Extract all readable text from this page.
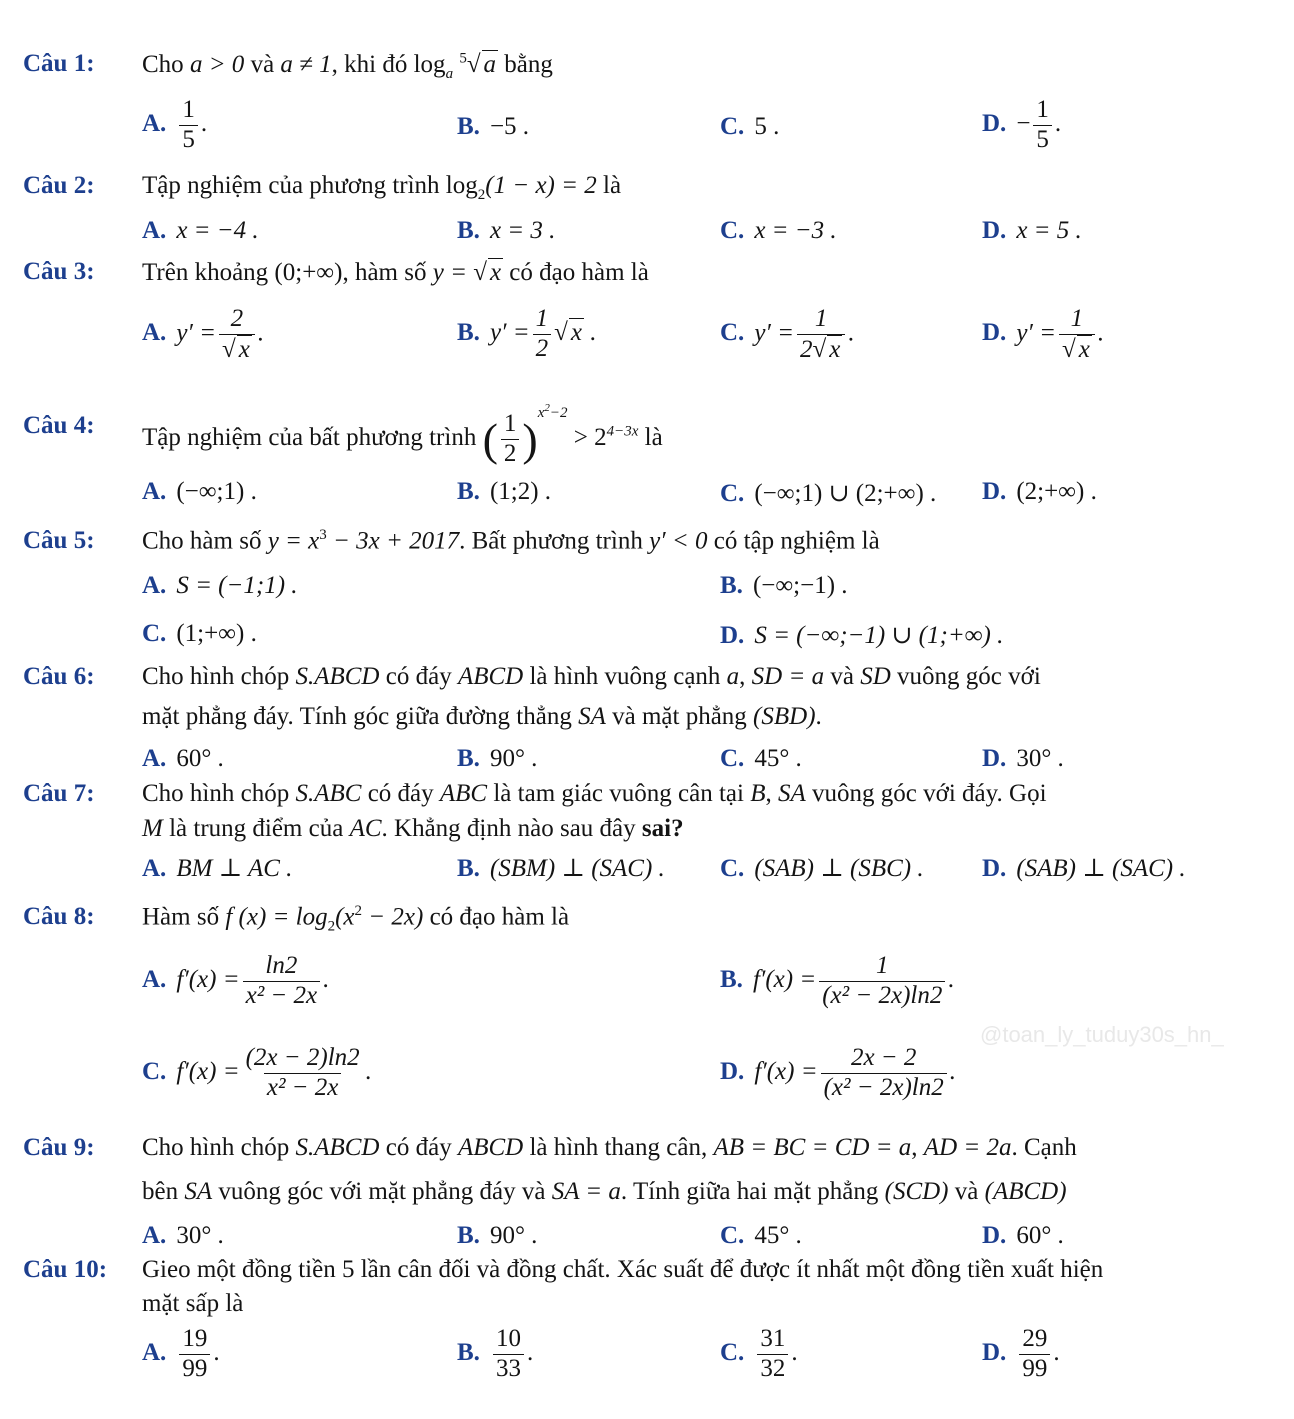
Câu 1: Cho a > 0 và a ≠ 1, khi đó $\log_a ^5√$ a bằng
A. $\frac{1}{5}$ .	B. −5 .	C. 5 .	D. − $\frac{1}{5}$ .
Câu 2: Tập nghiệm của phương trình $\log_2(1 - x) = 2$ là
A. x = −4 .	B. x = 3 .	C. x = −3 .	D. x = 5 .
Câu 3: Trên khoảng (0;+∞), hàm số y = √ x có đạo hàm là
A. $y' = \frac{2}{√ x}$ .	B. $y' = \frac{1}{2}$ √ x .	C. $y' = \frac{1}{2√ x}$ .	D. $y' = \frac{1}{√ x}$ .
Câu 4: Tập nghiệm của bất phương trình ( $\frac{1}{2} )^{x^2-2} > 2^{4-3x}$ là
A. (−∞;1) .	B. (1;2) .	C. (−∞;1) ∪ (2;+∞) . D. (2;+∞) .
Câu 5: Cho hàm số $y = x^3 - 3x + 2017$. Bất phương trình y′ < 0 có tập nghiệm là
A. S = (−1;1) .	B. (−∞;−1) .
C. (1;+∞) .	D. S = (−∞;−1) ∪ (1;+∞) .
Câu 6: Cho hình chóp S.ABCD có đáy ABCD là hình vuông cạnh a, SD = a và SD vuông góc với
mặt phẳng đáy. Tính góc giữa đường thẳng SA và mặt phẳng (SBD).
A. 60° .	B. 90° .	C. 45° .	D. 30° .
Câu 7: Cho hình chóp S.ABC có đáy ABC là tam giác vuông cân tại B, SA vuông góc với đáy. Gọi
M là trung điểm của AC. Khẳng định nào sau đây sai?
A. BM ⊥ AC .	B. (SBM) ⊥ (SAC) . C. (SAB) ⊥ (SBC) . D. (SAB) ⊥ (SAC) .
Câu 8: Hàm số f $(x) = \log_2(x^2 - 2x)$ có đạo hàm là
A. $f'(x) = \frac{\ln 2}{\text{x² − 2x}}$ .	B. $f'(x) = \frac{1}{\text{(x² − 2x)ln2}}$ .
C. $f'(x) = \frac{(2x - 2)\ln 2}{\text{x² − 2x}}$ .	D. $f'(x) = \frac{2x - 2}{\text{(x² − 2x)ln2}}$ .
@toan_ly_tuduy30s_hn_
Câu 9: Cho hình chóp S.ABCD có đáy ABCD là hình thang cân, AB = BC = CD = a, AD = 2a. Cạnh
bên SA vuông góc với mặt phẳng đáy và SA = a. Tính giữa hai mặt phẳng (SCD) và (ABCD)
A. 30° .	B. 90° .	C. 45° .	D. 60° .
Câu 10: Gieo một đồng tiền 5 lần cân đối và đồng chất. Xác suất để được ít nhất một đồng tiền xuất hiện
mặt sấp là
A. $\frac{19}{99}$ .	B. $\frac{10}{33}$ .	C. $\frac{31}{32}$ .	D. $\frac{29}{99}$ .
